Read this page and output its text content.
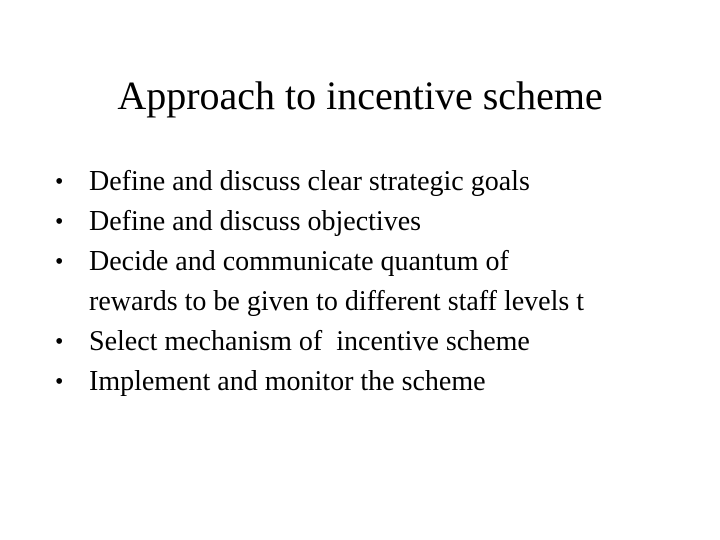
Approach to incentive scheme
• Define and discuss clear strategic goals
• Define and discuss objectives
• Decide and communicate quantum of
rewards to be given to different staff levels t
• Select mechanism of  incentive scheme
• Implement and monitor the scheme
